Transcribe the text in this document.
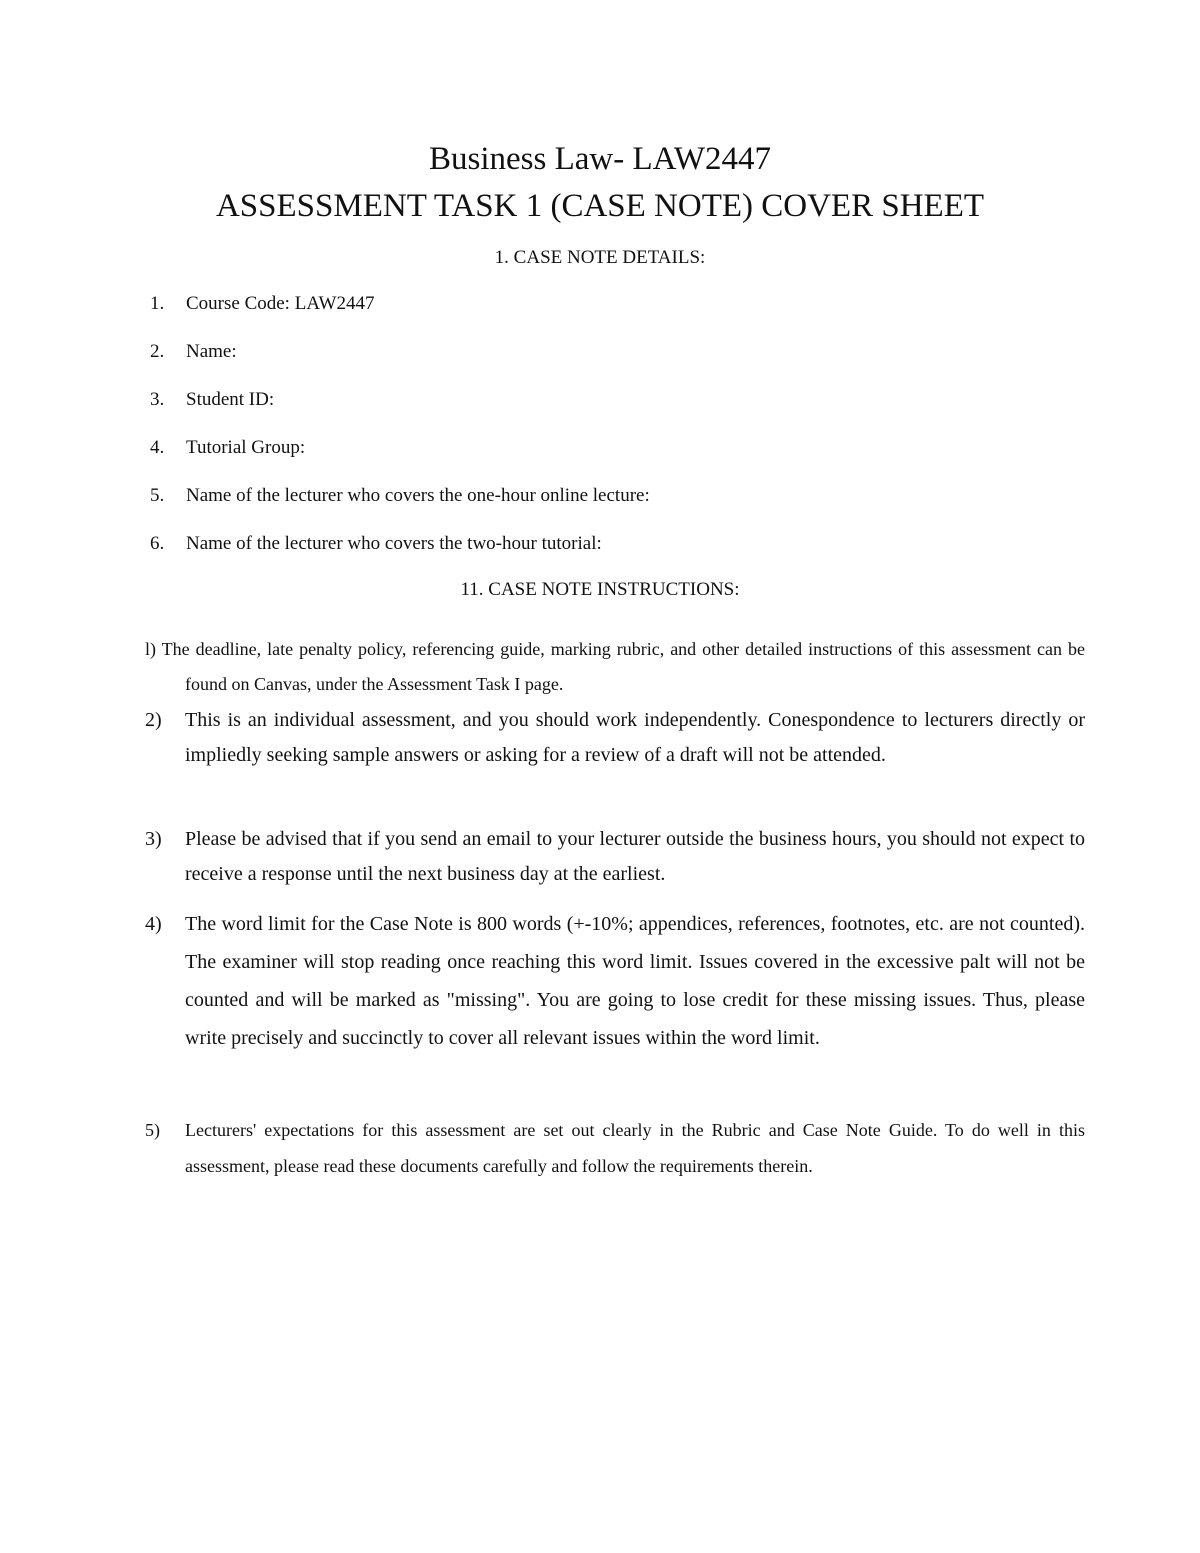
Business Law- LAW2447
ASSESSMENT TASK 1 (CASE NOTE) COVER SHEET
1. CASE NOTE DETAILS:
1. Course Code: LAW2447
2. Name:
3. Student ID:
4. Tutorial Group:
5. Name of the lecturer who covers the one-hour online lecture:
6. Name of the lecturer who covers the two-hour tutorial:
11. CASE NOTE INSTRUCTIONS:
l) The deadline, late penalty policy, referencing guide, marking rubric, and other detailed instructions of this assessment can be found on Canvas, under the Assessment Task I page.
2) This is an individual assessment, and you should work independently. Conespondence to lecturers directly or impliedly seeking sample answers or asking for a review of a draft will not be attended.
3) Please be advised that if you send an email to your lecturer outside the business hours, you should not expect to receive a response until the next business day at the earliest.
4) The word limit for the Case Note is 800 words (+-10%; appendices, references, footnotes, etc. are not counted). The examiner will stop reading once reaching this word limit. Issues covered in the excessive palt will not be counted and will be marked as "missing". You are going to lose credit for these missing issues. Thus, please write precisely and succinctly to cover all relevant issues within the word limit.
5) Lecturers' expectations for this assessment are set out clearly in the Rubric and Case Note Guide. To do well in this assessment, please read these documents carefully and follow the requirements therein.
